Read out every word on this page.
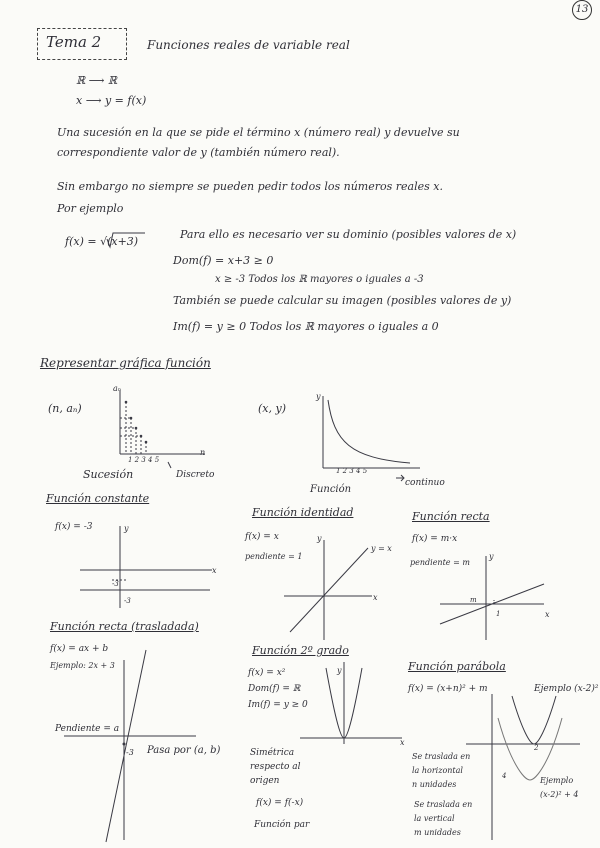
13
Tema 2	Funciones reales de variable real
ℝ ⟶ ℝ
x ⟶ y = f(x)
Una sucesión en la que se pide el término x (número real) y devuelve su
correspondiente valor de y (también número real).
Sin embargo no siempre se pueden pedir todos los números reales x.
Por ejemplo
f(x) = √(x+3)
Para ello es necesario ver su dominio (posibles valores de x)
Dom(f) = x+3 ≥ 0
x ≥ -3 Todos los ℝ mayores o iguales a -3
También se puede calcular su imagen (posibles valores de y)
Im(f) = y ≥ 0 Todos los ℝ mayores o iguales a 0
Representar gráfica función
(n, aₙ)
aₙ
n
1 2 3 4 5
Sucesión	Discreto
(x, y)
y
1 2 3 4 5
Función
continuo
Función constante
f(x) = -3	y
x
-3
-3
Función identidad
f(x) = x
pendiente = 1
y
x
y = x
Función recta
f(x) = m·x
pendiente = m
y
x
m
1
Función recta (trasladada)
f(x) = ax + b
Ejemplo: 2x + 3
Pendiente = a
-3 Pasa por (a, b)
Función 2º grado
f(x) = x²
Dom(f) = ℝ
Im(f) = y ≥ 0
y
x
Simétrica
respecto al
origen
f(x) = f(-x)
Función par
Función parábola
f(x) = (x+n)² + m	Ejemplo (x-2)²
2
Se traslada en
la horizontal
n unidades
Se traslada en
la vertical
m unidades
Ejemplo
(x-2)² + 4
4
